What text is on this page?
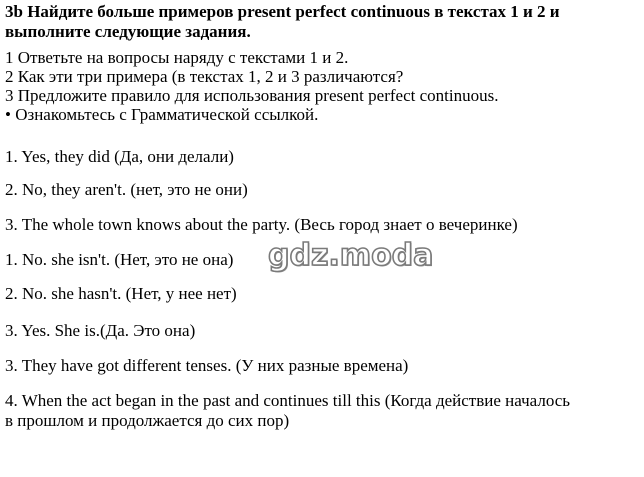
3b Найдите больше примеров present perfect continuous в текстах 1 и 2 и
выполните следующие задания.
1 Ответьте на вопросы наряду с текстами 1 и 2.
2 Как эти три примера (в текстах 1, 2 и 3 различаются?
3 Предложите правило для использования present perfect continuous.
• Ознакомьтесь с Грамматической ссылкой.
1. Yes, they did (Да, они делали)
2. No, they aren't. (нет, это не они)
3. The whole town knows about the party. (Весь город знает о вечеринке)
1. No. she isn't. (Нет, это не она)
2. No. she hasn't. (Нет, у нее нет)
3. Yes. She is.(Да. Это она)
3. They have got different tenses. (У них разные времена)
4. When the act began in the past and continues till this (Когда действие началось
в прошлом и продолжается до сих пор)
gdz.moda
